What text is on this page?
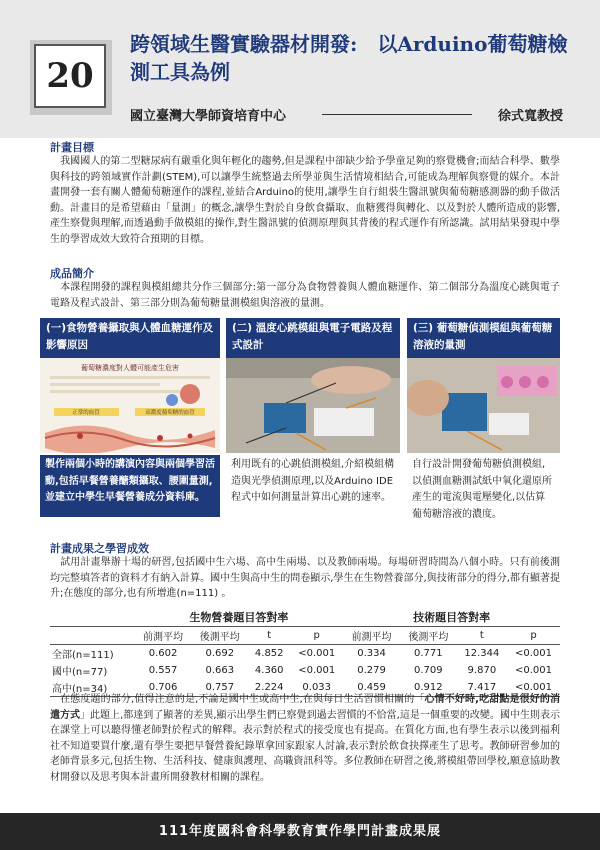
20
跨領域生醫實驗器材開發:　以Arduino葡萄糖檢測工具為例
國立臺灣大學師資培育中心	徐式寬教授
計畫目標
我國國人的第二型糖尿病有嚴重化與年輕化的趨勢,但是課程中卻缺少給予學童足夠的察覺機會;而結合科學、數學與科技的跨領域實作計劃(STEM),可以讓學生統整過去所學並與生活情境相結合,可能成為理解與察覺的媒介。本計畫開發一套有關人體葡萄糖運作的課程,並結合Arduino的使用,讓學生自行組裝生醫訊號與葡萄糖感測器的動手做活動。計畫目的是希望藉由「量測」的概念,讓學生對於自身飲食攝取、血糖獲得與轉化、以及對於人體所造成的影響,產生察覺與理解,而透過動手做模組的操作,對生醫訊號的偵測原理與其背後的程式運作有所認識。試用結果發現中學生的學習成效大致符合預期的目標。
成品簡介
本課程開發的課程與模組總共分作三個部分:第一部分為食物營養與人體血糖運作、第二個部分為溫度心跳與電子電路及程式設計、第三部分則為葡萄糖量測模組與溶液的量測。
(一)食物營養攝取與人體血糖運作及影響原因
(二) 溫度心跳模組與電子電路及程式設計
(三) 葡萄糖偵測模組與葡萄糖溶液的量測
葡萄糖濃度對人體可能產生危害
正常的血管	高濃度葡萄糖的血管
製作兩個小時的講演內容與兩個學習活動,包括早餐營養醣類攝取、腰圍量測,並建立中學生早餐營養成分資料庫。
利用既有的心跳偵測模組,介紹模組構造與光學偵測原理,以及Arduino IDE程式中如何測量計算出心跳的速率。
自行設計開發葡萄糖偵測模組,以偵測血糖測試紙中氧化還原所產生的電流與電壓變化,以估算葡萄糖溶液的濃度。
計畫成果之學習成效
試用計畫舉辦十場的研習,包括國中生六場、高中生兩場、以及教師兩場。每場研習時間為八個小時。只有前後測均完整填答者的資料才有納入計算。國中生與高中生的問卷顯示,學生在生物營養部分,與技術部分的得分,都有顯著提升;在態度的部分,也有所增進(n=111) 。
	生物營養題目答對率				技術題目答對率			
	前測平均	後測平均	t	p	前測平均	後測平均	t	p
全部(n=111)	0.602	0.692	4.852	<0.001	0.334	0.771	12.344	<0.001
國中(n=77)	0.557	0.663	4.360	<0.001	0.279	0.709	9.870	<0.001
高中(n=34)	0.706	0.757	2.224	0.033	0.459	0.912	7.417	<0.001
在態度題的部分,值得注意的是,不論是國中生或高中生,在與每日生活習慣相關的「心情不好時,吃甜點是很好的消遣方式」此題上,都達到了顯著的差異,顯示出學生們已察覺到過去習慣的不恰當,這是一個重要的改變。國中生則表示在課堂上可以聽得懂老師對於程式的解釋。表示對於程式的接受度也有提高。在質化方面,也有學生表示以後到福利社不知道要買什麼,還有學生要把早餐營養紀錄單拿回家跟家人討論,表示對於飲食抉擇產生了思考。教師研習參加的老師背景多元,包括生物、生活科技、健康與護理、高職資訊科等。多位教師在研習之後,將模組帶回學校,願意協助教材開發以及思考與本計畫所開發教材相關的課程。
111年度國科會科學教育實作學門計畫成果展
